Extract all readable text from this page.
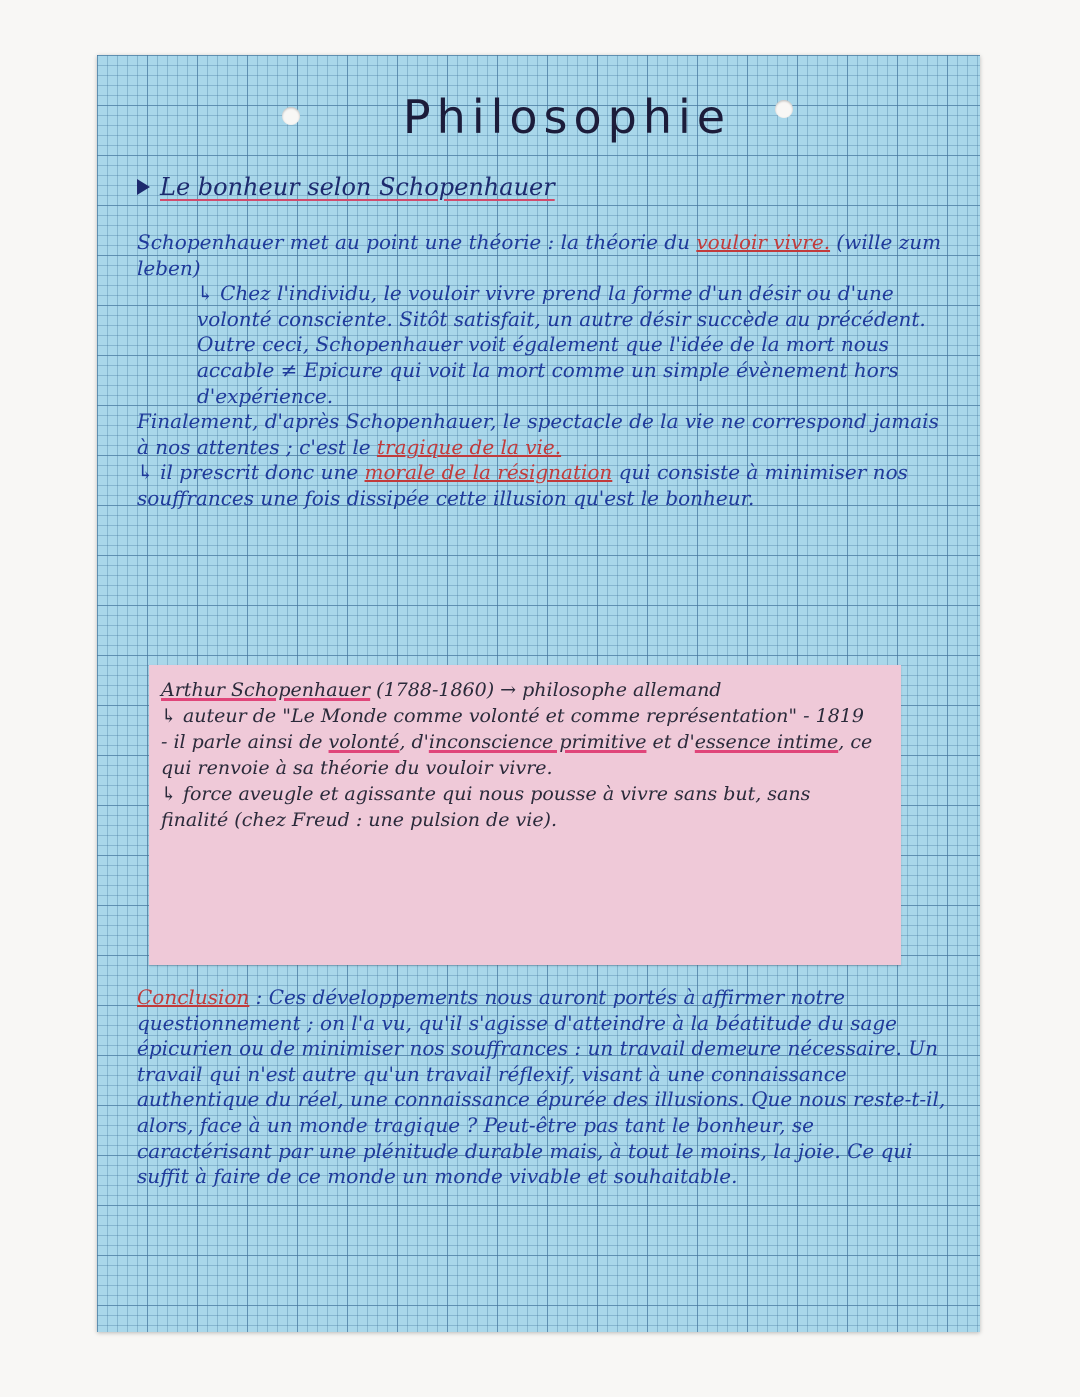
Philosophie
Le bonheur selon Schopenhauer

Schopenhauer met au point une théorie : la théorie du vouloir vivre. (wille zum leben)

↳ Chez l'individu, le vouloir vivre prend la forme d'un désir ou d'une volonté consciente. Sitôt satisfait, un autre désir succède au précédent. Outre ceci, Schopenhauer voit également que l'idée de la mort nous accable ≠ Epicure qui voit la mort comme un simple évènement hors d'expérience.

Finalement, d'après Schopenhauer, le spectacle de la vie ne correspond jamais à nos attentes ; c'est le tragique de la vie.

↳ il prescrit donc une morale de la résignation qui consiste à minimiser nos souffrances une fois dissipée cette illusion qu'est le bonheur.

Arthur Schopenhauer (1788-1860) → philosophe allemand

↳ auteur de "Le Monde comme volonté et comme représentation" - 1819

- il parle ainsi de volonté, d'inconscience primitive et d'essence intime, ce qui renvoie à sa théorie du vouloir vivre.

↳ force aveugle et agissante qui nous pousse à vivre sans but, sans finalité (chez Freud : une pulsion de vie).

Conclusion : Ces développements nous auront portés à affirmer notre questionnement ; on l'a vu, qu'il s'agisse d'atteindre à la béatitude du sage épicurien ou de minimiser nos souffrances : un travail demeure nécessaire. Un travail qui n'est autre qu'un travail réflexif, visant à une connaissance authentique du réel, une connaissance épurée des illusions. Que nous reste-t-il, alors, face à un monde tragique ? Peut-être pas tant le bonheur, se caractérisant par une plénitude durable mais, à tout le moins, la joie. Ce qui suffit à faire de ce monde un monde vivable et souhaitable.
